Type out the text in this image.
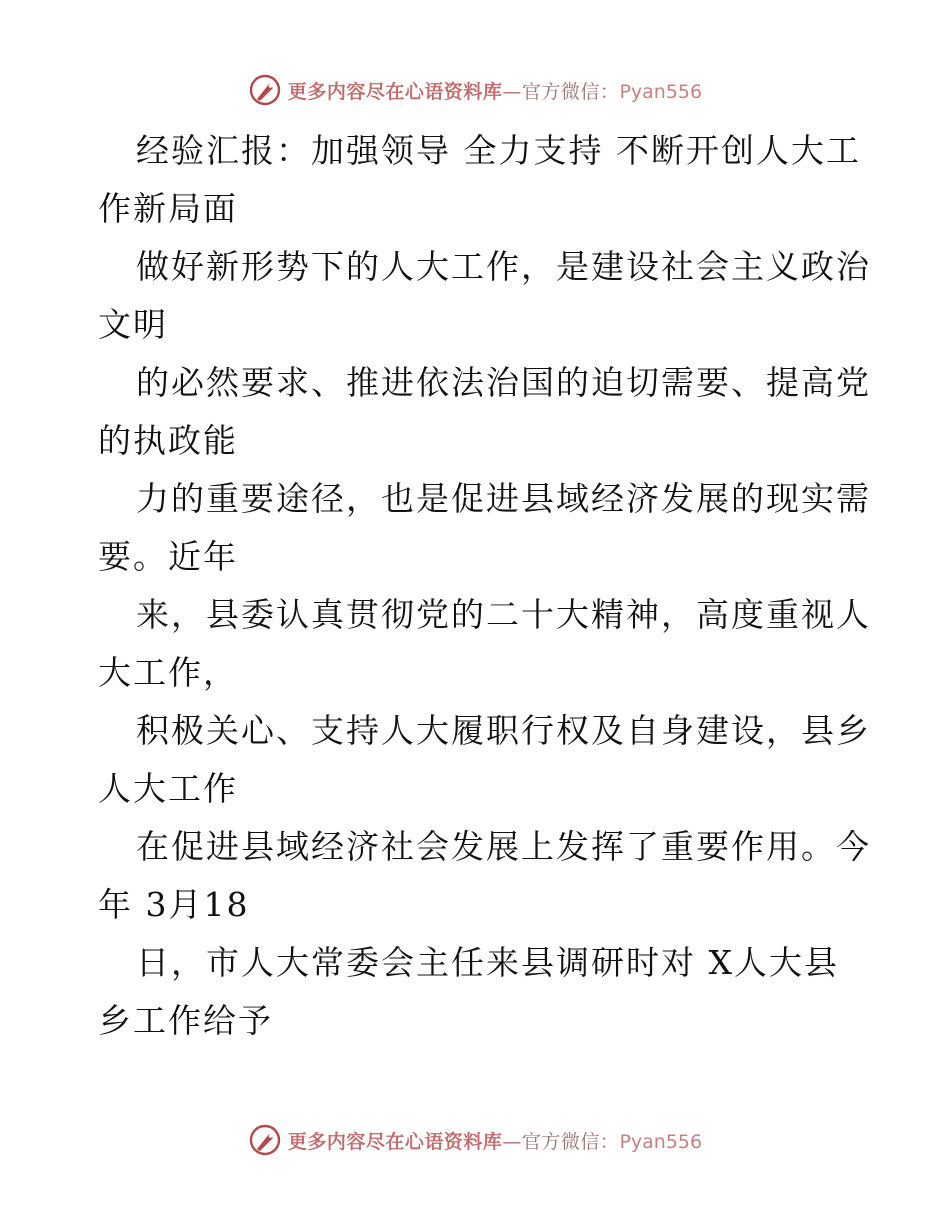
更多内容尽在心语资料库—官方微信：Pyan556
经验汇报：加强领导 全力支持 不断开创人大工
作新局面
做好新形势下的人大工作，是建设社会主义政治
文明
的必然要求、推进依法治国的迫切需要、提高党
的执政能
力的重要途径，也是促进县域经济发展的现实需
要。近年
来，县委认真贯彻党的二十大精神，高度重视人
大工作，
积极关心、支持人大履职行权及自身建设，县乡
人大工作
在促进县域经济社会发展上发挥了重要作用。今
年 3月18
日，市人大常委会主任来县调研时对 X人大县
乡工作给予
更多内容尽在心语资料库—官方微信：Pyan556
